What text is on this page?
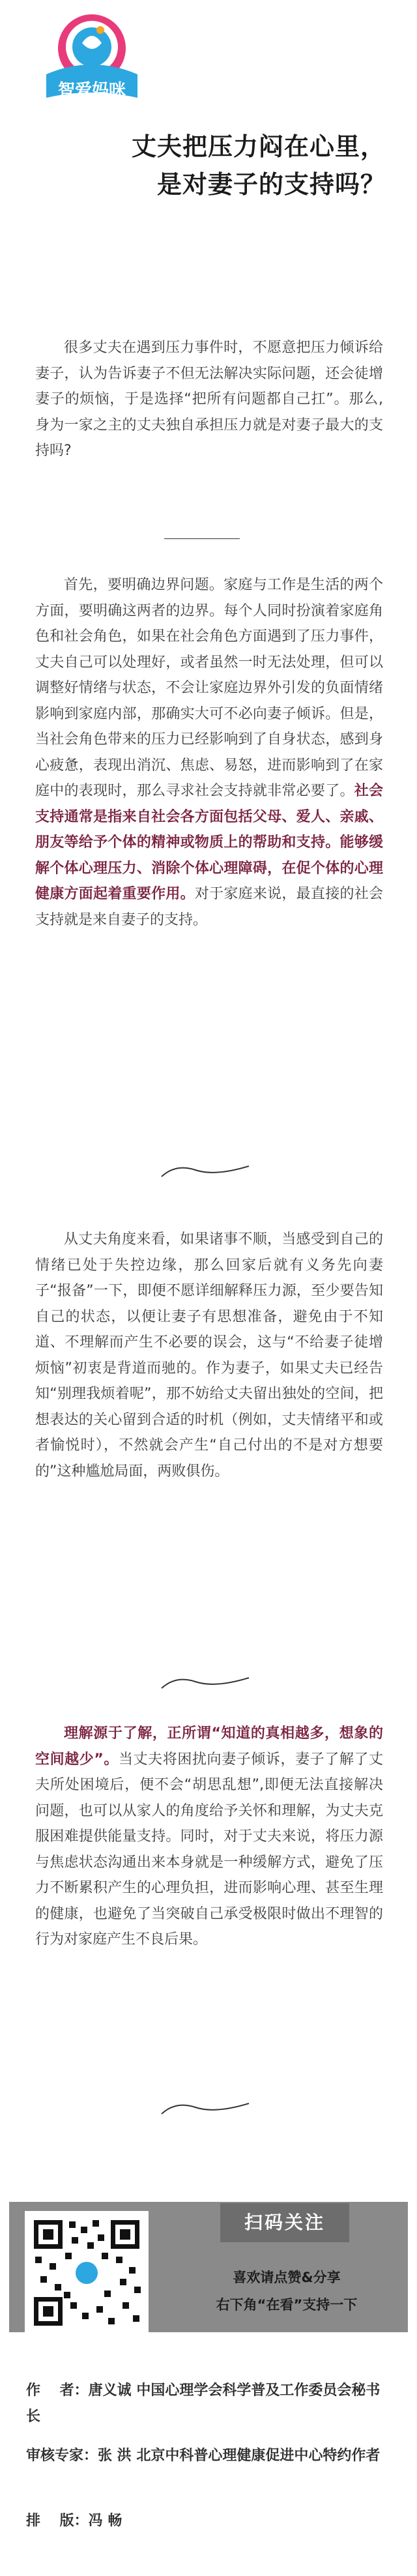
智爱妈咪
丈夫把压力闷在心里，
是对妻子的支持吗？
很多丈夫在遇到压力事件时，不愿意把压力倾诉给妻子，认为告诉妻子不但无法解决实际问题，还会徒增妻子的烦恼，于是选择“把所有问题都自己扛”。那么,身为一家之主的丈夫独自承担压力就是对妻子最大的支持吗?
首先，要明确边界问题。家庭与工作是生活的两个方面，要明确这两者的边界。每个人同时扮演着家庭角色和社会角色，如果在社会角色方面遇到了压力事件，丈夫自己可以处理好，或者虽然一时无法处理，但可以调整好情绪与状态，不会让家庭边界外引发的负面情绪影响到家庭内部，那确实大可不必向妻子倾诉。但是，当社会角色带来的压力已经影响到了自身状态，感到身心疲惫，表现出消沉、焦虑、易怒，进而影响到了在家庭中的表现时，那么寻求社会支持就非常必要了。社会支持通常是指来自社会各方面包括父母、爱人、亲戚、朋友等给予个体的精神或物质上的帮助和支持。能够缓解个体心理压力、消除个体心理障碍，在促个体的心理健康方面起着重要作用。对于家庭来说，最直接的社会支持就是来自妻子的支持。
从丈夫角度来看，如果诸事不顺，当感受到自己的情绪已处于失控边缘，那么回家后就有义务先向妻子“报备”一下，即便不愿详细解释压力源，至少要告知自己的状态，以便让妻子有思想准备，避免由于不知道、不理解而产生不必要的误会，这与“不给妻子徒增烦恼”初衷是背道而驰的。作为妻子，如果丈夫已经告知“别理我烦着呢”，那不妨给丈夫留出独处的空间，把想表达的关心留到合适的时机（例如，丈夫情绪平和或者愉悦时），不然就会产生“自己付出的不是对方想要的”这种尴尬局面，两败俱伤。
理解源于了解，正所谓“知道的真相越多，想象的空间越少”。当丈夫将困扰向妻子倾诉，妻子了解了丈夫所处困境后，便不会“胡思乱想”,即便无法直接解决问题，也可以从家人的角度给予关怀和理解，为丈夫克服困难提供能量支持。同时，对于丈夫来说，将压力源与焦虑状态沟通出来本身就是一种缓解方式，避免了压力不断累积产生的心理负担，进而影响心理、甚至生理的健康，也避免了当突破自己承受极限时做出不理智的行为对家庭产生不良后果。
扫码关注
喜欢请点赞&分享
右下角“在看”支持一下
作　 者：唐义诚 中国心理学会科学普及工作委员会秘书长
审核专家：张 洪 北京中科普心理健康促进中心特约作者
排　 版：冯 畅
